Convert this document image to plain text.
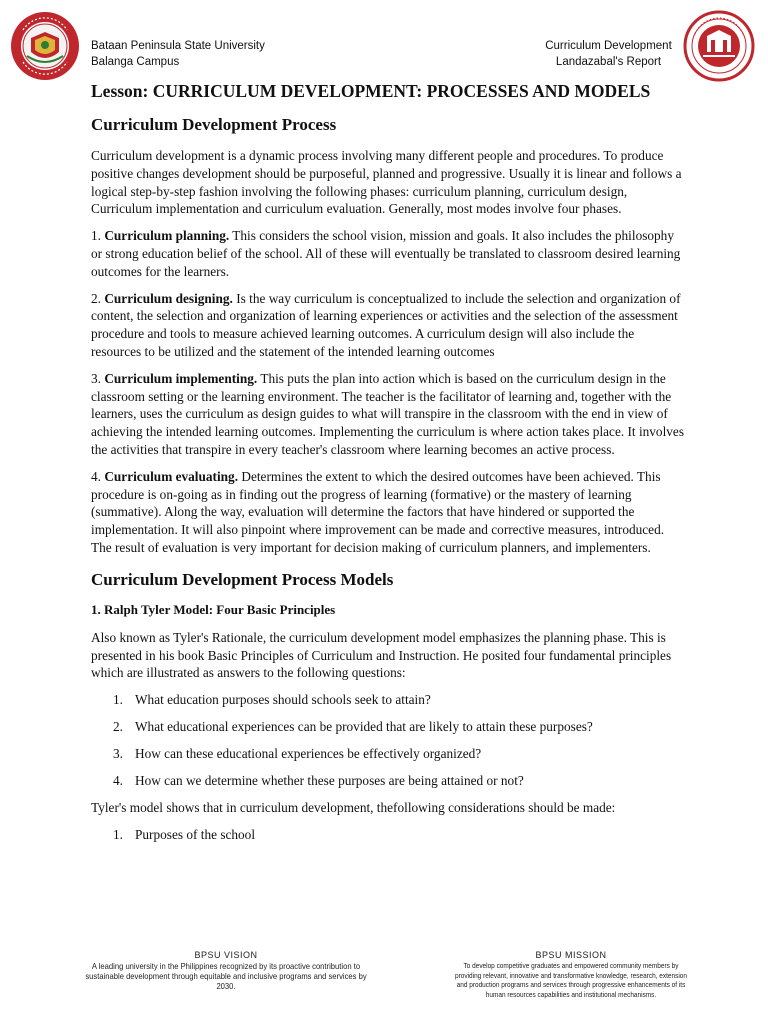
Bataan Peninsula State University
Balanga Campus
Curriculum Development
Landazabal's Report
Lesson: CURRICULUM DEVELOPMENT: PROCESSES AND MODELS
Curriculum Development Process

Curriculum development is a dynamic process involving many different people and procedures. To produce positive changes development should be purposeful, planned and progressive. Usually it is linear and follows a logical step-by-step fashion involving the following phases: curriculum planning, curriculum design, Curriculum implementation and curriculum evaluation. Generally, most modes involve four phases.

1. Curriculum planning. This considers the school vision, mission and goals. It also includes the philosophy or strong education belief of the school. All of these will eventually be translated to classroom desired learning outcomes for the learners.

2. Curriculum designing. Is the way curriculum is conceptualized to include the selection and organization of content, the selection and organization of learning experiences or activities and the selection of the assessment procedure and tools to measure achieved learning outcomes. A curriculum design will also include the resources to be utilized and the statement of the intended learning outcomes

3. Curriculum implementing. This puts the plan into action which is based on the curriculum design in the classroom setting or the learning environment. The teacher is the facilitator of learning and, together with the learners, uses the curriculum as design guides to what will transpire in the classroom with the end in view of achieving the intended learning outcomes. Implementing the curriculum is where action takes place. It involves the activities that transpire in every teacher's classroom where learning becomes an active process.

4. Curriculum evaluating. Determines the extent to which the desired outcomes have been achieved. This procedure is on-going as in finding out the progress of learning (formative) or the mastery of learning (summative). Along the way, evaluation will determine the factors that have hindered or supported the implementation. It will also pinpoint where improvement can be made and corrective measures, introduced. The result of evaluation is very important for decision making of curriculum planners, and implementers.

Curriculum Development Process Models
1. Ralph Tyler Model: Four Basic Principles

Also known as Tyler's Rationale, the curriculum development model emphasizes the planning phase. This is presented in his book Basic Principles of Curriculum and Instruction. He posited four fundamental principles which are illustrated as answers to the following questions:

1. What education purposes should schools seek to attain?
2. What educational experiences can be provided that are likely to attain these purposes?
3. How can these educational experiences be effectively organized?
4. How can we determine whether these purposes are being attained or not?

Tyler's model shows that in curriculum development, thefollowing considerations should be made:

1. Purposes of the school
BPSU VISION
A leading university in the Philippines recognized by its proactive contribution to sustainable development through equitable and inclusive programs and services by 2030.
BPSU MISSION
To develop competitive graduates and empowered community members by providing relevant, innovative and transformative knowledge, research, extension and production programs and services through progressive enhancements of its human resources capabilities and institutional mechanisms.
